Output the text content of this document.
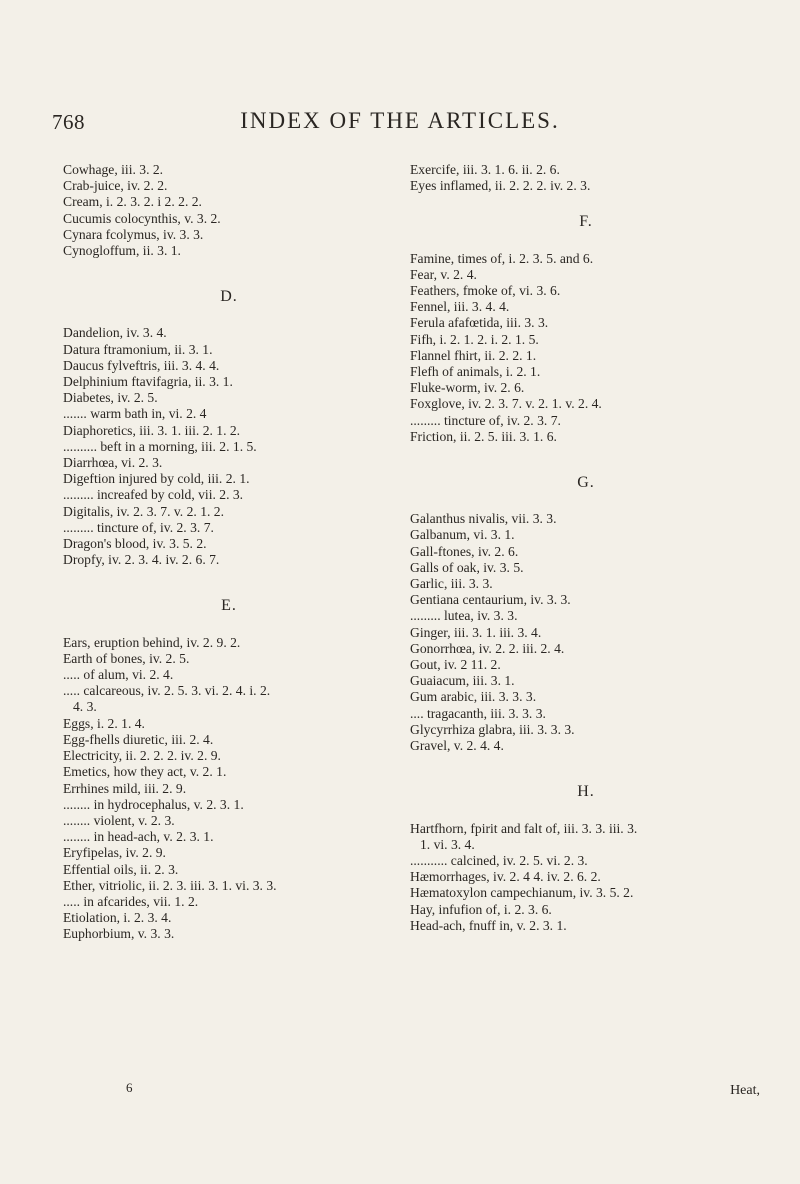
768	INDEX OF THE ARTICLES.
Cowhage, iii. 3. 2.
Crab-juice, iv. 2. 2.
Cream, i. 2. 3. 2. i 2. 2. 2.
Cucumis colocynthis, v. 3. 2.
Cynara fcolymus, iv. 3. 3.
Cynogloffum, ii. 3. 1.
D.
Dandelion, iv. 3. 4.
Datura ftramonium, ii. 3. 1.
Daucus fylveftris, iii. 3. 4. 4.
Delphinium ftavifagria, ii. 3. 1.
Diabetes, iv. 2. 5.
....... warm bath in, vi. 2. 4
Diaphoretics, iii. 3. 1. iii. 2. 1. 2.
.......... beft in a morning, iii. 2. 1. 5.
Diarrhœa, vi. 2. 3.
Digeftion injured by cold, iii. 2. 1.
......... increafed by cold, vii. 2. 3.
Digitalis, iv. 2. 3. 7. v. 2. 1. 2.
......... tincture of, iv. 2. 3. 7.
Dragon's blood, iv. 3. 5. 2.
Dropfy, iv. 2. 3. 4. iv. 2. 6. 7.
E.
Ears, eruption behind, iv. 2. 9. 2.
Earth of bones, iv. 2. 5.
..... of alum, vi. 2. 4.
..... calcareous, iv. 2. 5. 3. vi. 2. 4. i. 2.
4. 3.
Eggs, i. 2. 1. 4.
Egg-fhells diuretic, iii. 2. 4.
Electricity, ii. 2. 2. 2. iv. 2. 9.
Emetics, how they act, v. 2. 1.
Errhines mild, iii. 2. 9.
........ in hydrocephalus, v. 2. 3. 1.
........ violent, v. 2. 3.
........ in head-ach, v. 2. 3. 1.
Eryfipelas, iv. 2. 9.
Effential oils, ii. 2. 3.
Ether, vitriolic, ii. 2. 3. iii. 3. 1. vi. 3. 3.
..... in afcarides, vii. 1. 2.
Etiolation, i. 2. 3. 4.
Euphorbium, v. 3. 3.
Exercife, iii. 3. 1. 6. ii. 2. 6.
Eyes inflamed, ii. 2. 2. 2. iv. 2. 3.
F.
Famine, times of, i. 2. 3. 5. and 6.
Fear, v. 2. 4.
Feathers, fmoke of, vi. 3. 6.
Fennel, iii. 3. 4. 4.
Ferula afafœtida, iii. 3. 3.
Fifh, i. 2. 1. 2. i. 2. 1. 5.
Flannel fhirt, ii. 2. 2. 1.
Flefh of animals, i. 2. 1.
Fluke-worm, iv. 2. 6.
Foxglove, iv. 2. 3. 7. v. 2. 1. v. 2. 4.
......... tincture of, iv. 2. 3. 7.
Friction, ii. 2. 5. iii. 3. 1. 6.
G.
Galanthus nivalis, vii. 3. 3.
Galbanum, vi. 3. 1.
Gall-ftones, iv. 2. 6.
Galls of oak, iv. 3. 5.
Garlic, iii. 3. 3.
Gentiana centaurium, iv. 3. 3.
......... lutea, iv. 3. 3.
Ginger, iii. 3. 1. iii. 3. 4.
Gonorrhœa, iv. 2. 2. iii. 2. 4.
Gout, iv. 2 11. 2.
Guaiacum, iii. 3. 1.
Gum arabic, iii. 3. 3. 3.
.... tragacanth, iii. 3. 3. 3.
Glycyrrhiza glabra, iii. 3. 3. 3.
Gravel, v. 2. 4. 4.
H.
Hartfhorn, fpirit and falt of, iii. 3. 3. iii. 3.
1. vi. 3. 4.
........... calcined, iv. 2. 5. vi. 2. 3.
Hæmorrhages, iv. 2. 4 4. iv. 2. 6. 2.
Hæmatoxylon campechianum, iv. 3. 5. 2.
Hay, infufion of, i. 2. 3. 6.
Head-ach, fnuff in, v. 2. 3. 1.
6	Heat,
